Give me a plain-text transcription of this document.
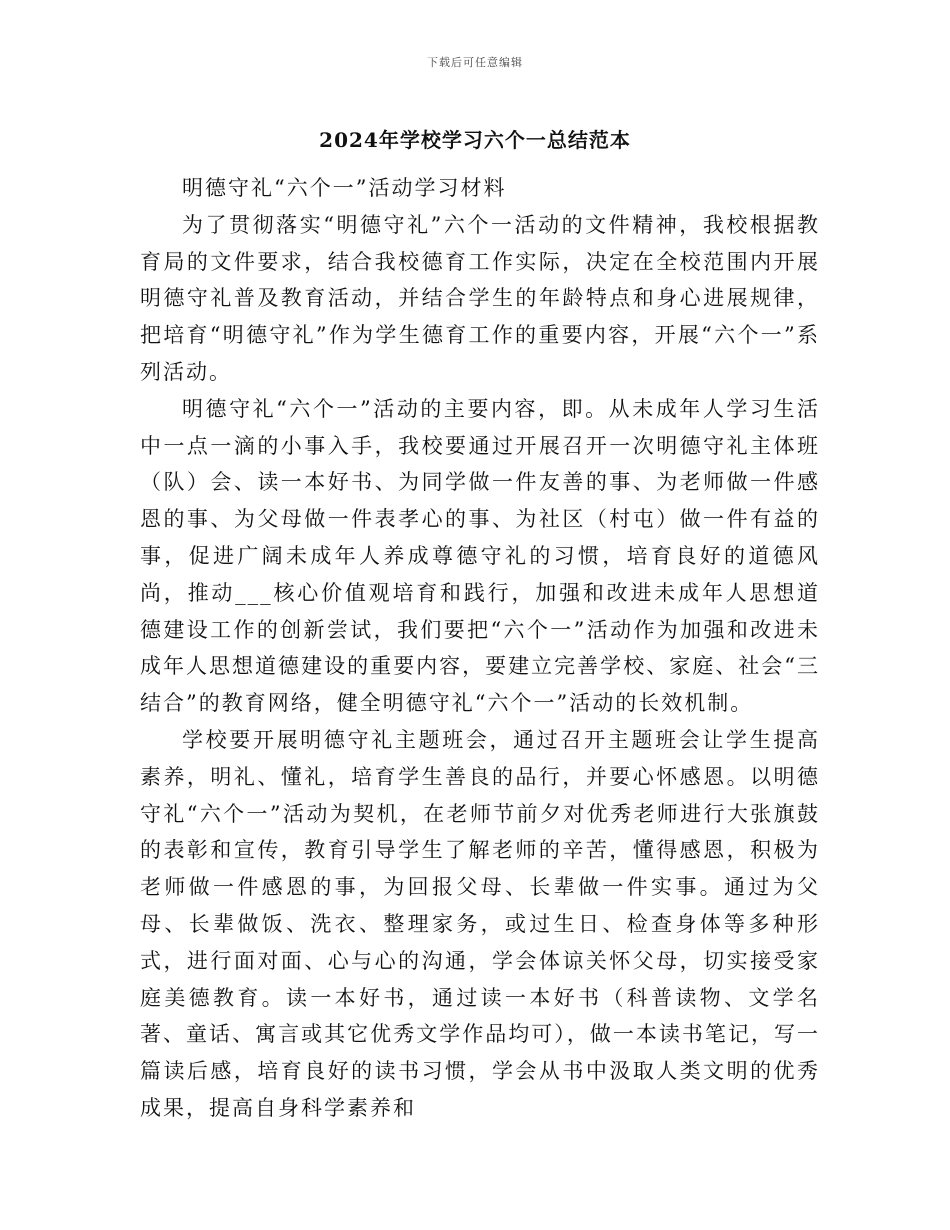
下载后可任意编辑
2024年学校学习六个一总结范本

明德守礼“六个一”活动学习材料

为了贯彻落实“明德守礼”六个一活动的文件精神，我校根据教育局的文件要求，结合我校德育工作实际，决定在全校范围内开展明德守礼普及教育活动，并结合学生的年龄特点和身心进展规律，把培育“明德守礼”作为学生德育工作的重要内容，开展“六个一”系列活动。

明德守礼“六个一”活动的主要内容，即。从未成年人学习生活中一点一滴的小事入手，我校要通过开展召开一次明德守礼主体班（队）会、读一本好书、为同学做一件友善的事、为老师做一件感恩的事、为父母做一件表孝心的事、为社区（村屯）做一件有益的事，促进广阔未成年人养成尊德守礼的习惯，培育良好的道德风尚，推动___核心价值观培育和践行，加强和改进未成年人思想道德建设工作的创新尝试，我们要把“六个一”活动作为加强和改进未成年人思想道德建设的重要内容，要建立完善学校、家庭、社会“三结合”的教育网络，健全明德守礼“六个一”活动的长效机制。

学校要开展明德守礼主题班会，通过召开主题班会让学生提高素养，明礼、懂礼，培育学生善良的品行，并要心怀感恩。以明德守礼“六个一”活动为契机，在老师节前夕对优秀老师进行大张旗鼓的表彰和宣传，教育引导学生了解老师的辛苦，懂得感恩，积极为老师做一件感恩的事，为回报父母、长辈做一件实事。通过为父母、长辈做饭、洗衣、整理家务，或过生日、检查身体等多种形式，进行面对面、心与心的沟通，学会体谅关怀父母，切实接受家庭美德教育。读一本好书，通过读一本好书（科普读物、文学名著、童话、寓言或其它优秀文学作品均可），做一本读书笔记，写一篇读后感，培育良好的读书习惯，学会从书中汲取人类文明的优秀成果，提高自身科学素养和
